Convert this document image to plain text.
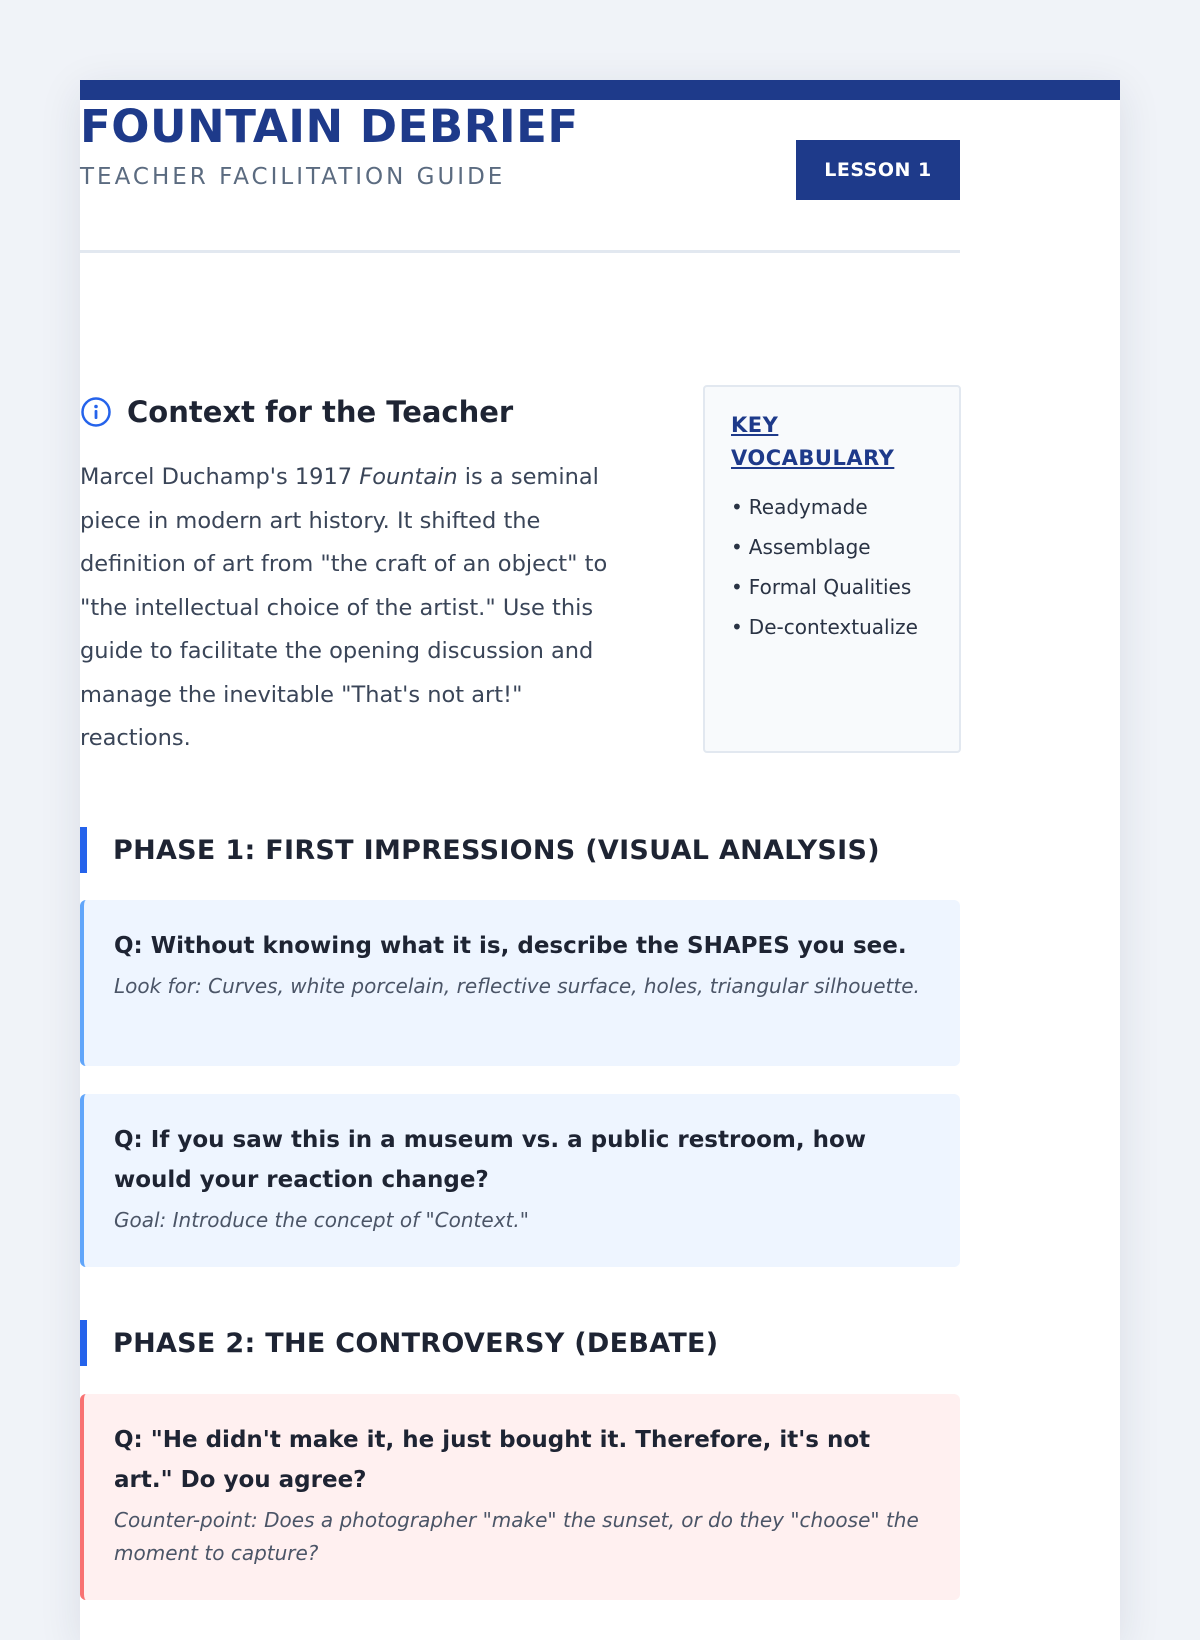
FOUNTAIN DEBRIEF
TEACHER FACILITATION GUIDE	LESSON 1
Context for the Teacher
Marcel Duchamp's 1917 Fountain is a seminal piece in modern art history. It shifted the definition of art from "the craft of an object" to "the intellectual choice of the artist." Use this guide to facilitate the opening discussion and manage the inevitable "That's not art!" reactions.
KEY VOCABULARY
• Readymade
• Assemblage
• Formal Qualities
• De-contextualize
PHASE 1: FIRST IMPRESSIONS (VISUAL ANALYSIS)
Q: Without knowing what it is, describe the SHAPES you see.
Look for: Curves, white porcelain, reflective surface, holes, triangular silhouette.
Q: If you saw this in a museum vs. a public restroom, how would your reaction change?
Goal: Introduce the concept of "Context."
PHASE 2: THE CONTROVERSY (DEBATE)
Q: "He didn't make it, he just bought it. Therefore, it's not art." Do you agree?
Counter-point: Does a photographer "make" the sunset, or do they "choose" the moment to capture?
